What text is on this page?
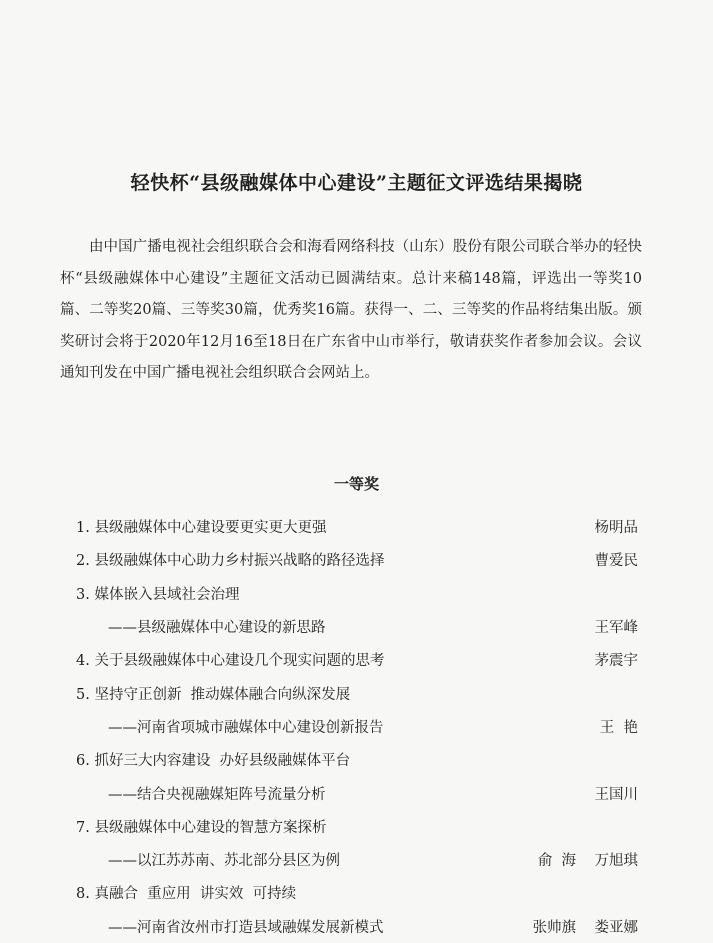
轻快杯“县级融媒体中心建设”主题征文评选结果揭晓

由中国广播电视社会组织联合会和海看网络科技（山东）股份有限公司联合举办的轻快杯“县级融媒体中心建设”主题征文活动已圆满结束。总计来稿148篇，评选出一等奖10篇、二等奖20篇、三等奖30篇，优秀奖16篇。获得一、二、三等奖的作品将结集出版。颁奖研讨会将于2020年12月16至18日在广东省中山市举行，敬请获奖作者参加会议。会议通知刊发在中国广播电视社会组织联合会网站上。

一等奖
1. 县级融媒体中心建设要更实更大更强	杨明品
2. 县级融媒体中心助力乡村振兴战略的路径选择	曹爱民
3. 媒体嵌入县域社会治理
——县级融媒体中心建设的新思路	王军峰
4. 关于县级融媒体中心建设几个现实问题的思考	茅震宇
5. 坚持守正创新  推动媒体融合向纵深发展
——河南省项城市融媒体中心建设创新报告	王  艳
6. 抓好三大内容建设  办好县级融媒体平台
——结合央视融媒矩阵号流量分析	王国川
7. 县级融媒体中心建设的智慧方案探析
——以江苏苏南、苏北部分县区为例	俞  海    万旭琪
8. 真融合  重应用  讲实效  可持续
——河南省汝州市打造县域融媒发展新模式	张帅旗    娄亚娜
